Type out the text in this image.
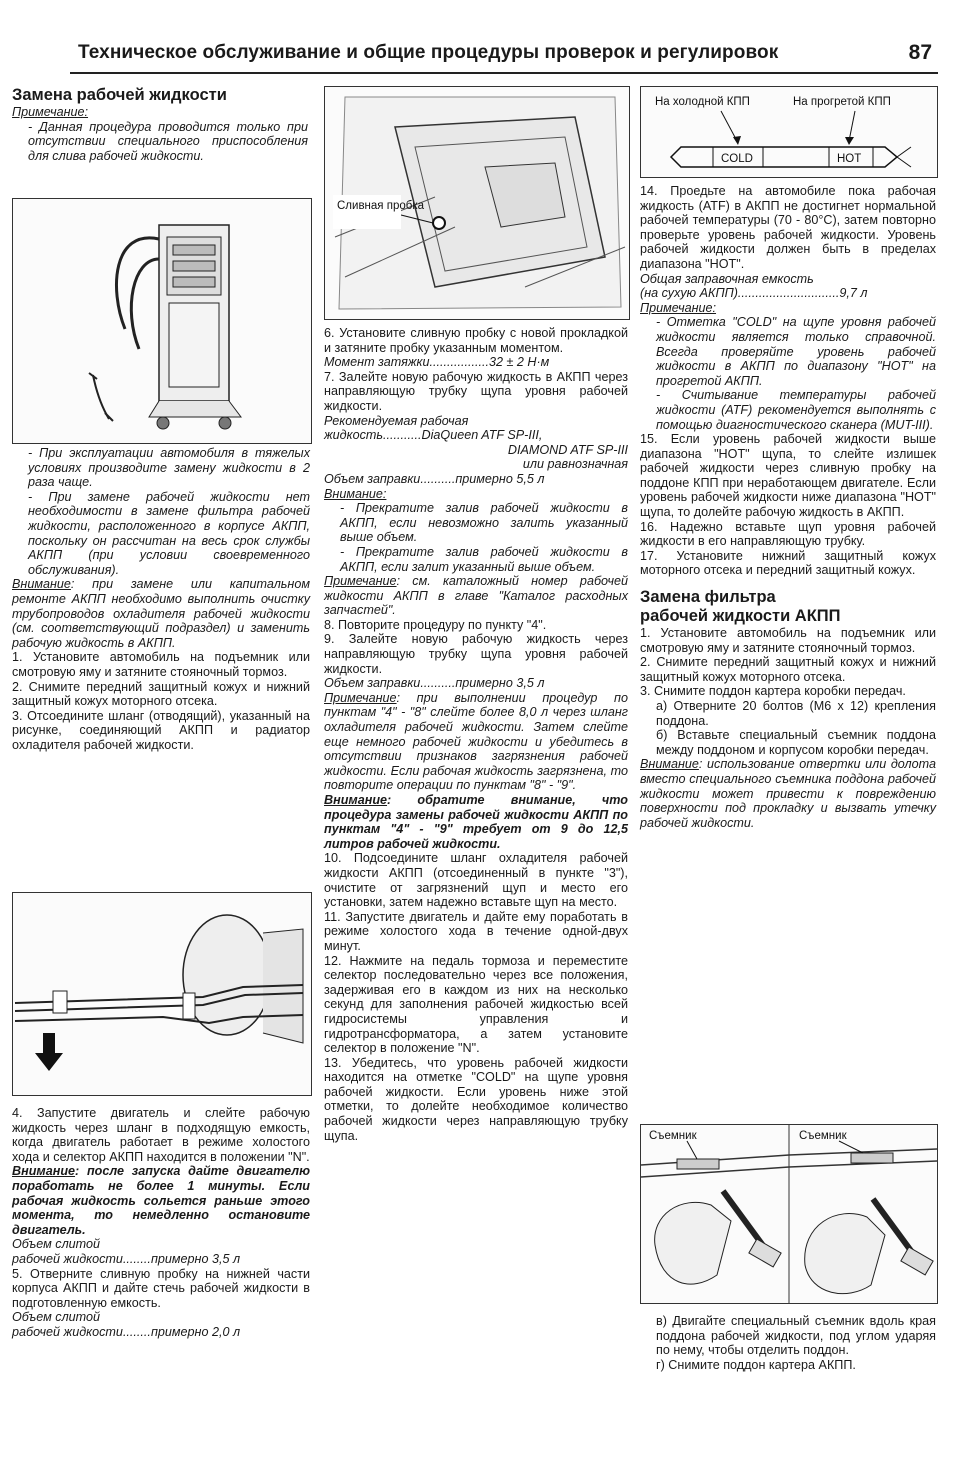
Техническое обслуживание и общие процедуры проверок и регулировок	87

Замена рабочей жидкости

Примечание:

- Данная процедура проводится только при отсутствии специального приспособления для слива рабочей жидкости.

- При эксплуатации автомобиля в тяжелых условиях производите замену жидкости в 2 раза чаще.

- При замене рабочей жидкости нет необходимости в замене фильтра рабочей жидкости, расположенного в корпусе АКПП, поскольку он рассчитан на весь срок службы АКПП (при условии своевременного обслуживания).

Внимание: при замене или капитальном ремонте АКПП необходимо выполнить очистку трубопроводов охладителя рабочей жидкости (см. соответствующий подраздел) и заменить рабочую жидкость в АКПП.

1. Установите автомобиль на подъемник или смотровую яму и затяните стояночный тормоз.

2. Снимите передний защитный кожух и нижний защитный кожух моторного отсека.

3. Отсоедините шланг (отводящий), указанный на рисунке, соединяющий АКПП и радиатор охладителя рабочей жидкости.

4. Запустите двигатель и слейте рабочую жидкость через шланг в подходящую емкость, когда двигатель работает в режиме холостого хода и селектор АКПП находится в положении "N".

Внимание: после запуска дайте двигателю поработать не более 1 минуты. Если рабочая жидкость сольется раньше этого момента, то немедленно остановите двигатель.

Объем слитой

рабочей жидкости........примерно 3,5 л

5. Отверните сливную пробку на нижней части корпуса АКПП и дайте стечь рабочей жидкости в подготовленную емкость.

Объем слитой

рабочей жидкости........примерно 2,0 л

Сливная пробка

6. Установите сливную пробку с новой прокладкой и затяните пробку указанным моментом.

Момент затяжки.................32 ± 2 Н·м

7. Залейте новую рабочую жидкость в АКПП через направляющую трубку щупа уровня рабочей жидкости.

Рекомендуемая рабочая

жидкость...........DiaQueen ATF SP-III,

DIAMOND ATF SP-III

или равнозначная

Объем заправки..........примерно 5,5 л

Внимание:

- Прекратите залив рабочей жидкости в АКПП, если невозможно залить указанный выше объем.

- Прекратите залив рабочей жидкости в АКПП, если залит указанный выше объем.

Примечание: см. каталожный номер рабочей жидкости АКПП в главе "Каталог расходных запчастей".

8. Повторите процедуру по пункту "4".

9. Залейте новую рабочую жидкость через направляющую трубку щупа уровня рабочей жидкости.

Объем заправки..........примерно 3,5 л

Примечание: при выполнении процедур по пунктам "4" - "8" слейте более 8,0 л через шланг охладителя рабочей жидкости. Затем слейте еще немного рабочей жидкости и убедитесь в отсутствии признаков загрязнения рабочей жидкости. Если рабочая жидкость загрязнена, то повторите операции по пунктам "8" - "9".

Внимание: обратите внимание, что процедура замены рабочей жидкости АКПП по пунктам "4" - "9" требует от 9 до 12,5 литров рабочей жидкости.

10. Подсоедините шланг охладителя рабочей жидкости АКПП (отсоединенный в пункте "3"), очистите от загрязнений щуп и место его установки, затем надежно вставьте щуп на место.

11. Запустите двигатель и дайте ему поработать в режиме холостого хода в течение одной-двух минут.

12. Нажмите на педаль тормоза и переместите селектор последовательно через все положения, задерживая его в каждом из них на несколько секунд для заполнения рабочей жидкостью всей гидросистемы управления и гидротрансформатора, а затем установите селектор в положение "N".

13. Убедитесь, что уровень рабочей жидкости находится на отметке "COLD" на щупе уровня рабочей жидкости. Если уровень ниже этой отметки, то долейте необходимое количество рабочей жидкости через направляющую трубку щупа.

На холодной КПП	На прогретой КПП
COLD	HOT

14. Проедьте на автомобиле пока рабочая жидкость (ATF) в АКПП не достигнет нормальной рабочей температуры (70 - 80°C), затем повторно проверьте уровень рабочей жидкости. Уровень рабочей жидкости должен быть в пределах диапазона "HOT".

Общая заправочная емкость

(на сухую АКПП).............................9,7 л

Примечание:

- Отметка "COLD" на щупе уровня рабочей жидкости является только справочной. Всегда проверяйте уровень рабочей жидкости в АКПП по диапазону "HOT" на прогретой АКПП.

- Считывание температуры рабочей жидкости (ATF) рекомендуется выполнять с помощью диагностического сканера (MUT-III).

15. Если уровень рабочей жидкости выше диапазона "HOT" щупа, то слейте излишек рабочей жидкости через сливную пробку на поддоне КПП при неработающем двигателе. Если уровень рабочей жидкости ниже диапазона "HOT" щупа, то долейте рабочую жидкость в АКПП.

16. Надежно вставьте щуп уровня рабочей жидкости в его направляющую трубку.

17. Установите нижний защитный кожух моторного отсека и передний защитный кожух.

Замена фильтра

рабочей жидкости АКПП

1. Установите автомобиль на подъемник или смотровую яму и затяните стояночный тормоз.

2. Снимите передний защитный кожух и нижний защитный кожух моторного отсека.

3. Снимите поддон картера коробки передач.

а) Отверните 20 болтов (M6 x 12) крепления поддона.

б) Вставьте специальный съемник поддона между поддоном и корпусом коробки передач.

Внимание: использование отвертки или долота вместо специального съемника поддона рабочей жидкости может привести к повреждению поверхности под прокладку и вызвать утечку рабочей жидкости.

Съемник	Съемник

в) Двигайте специальный съемник вдоль края поддона рабочей жидкости, под углом ударяя по нему, чтобы отделить поддон.

г) Снимите поддон картера АКПП.
